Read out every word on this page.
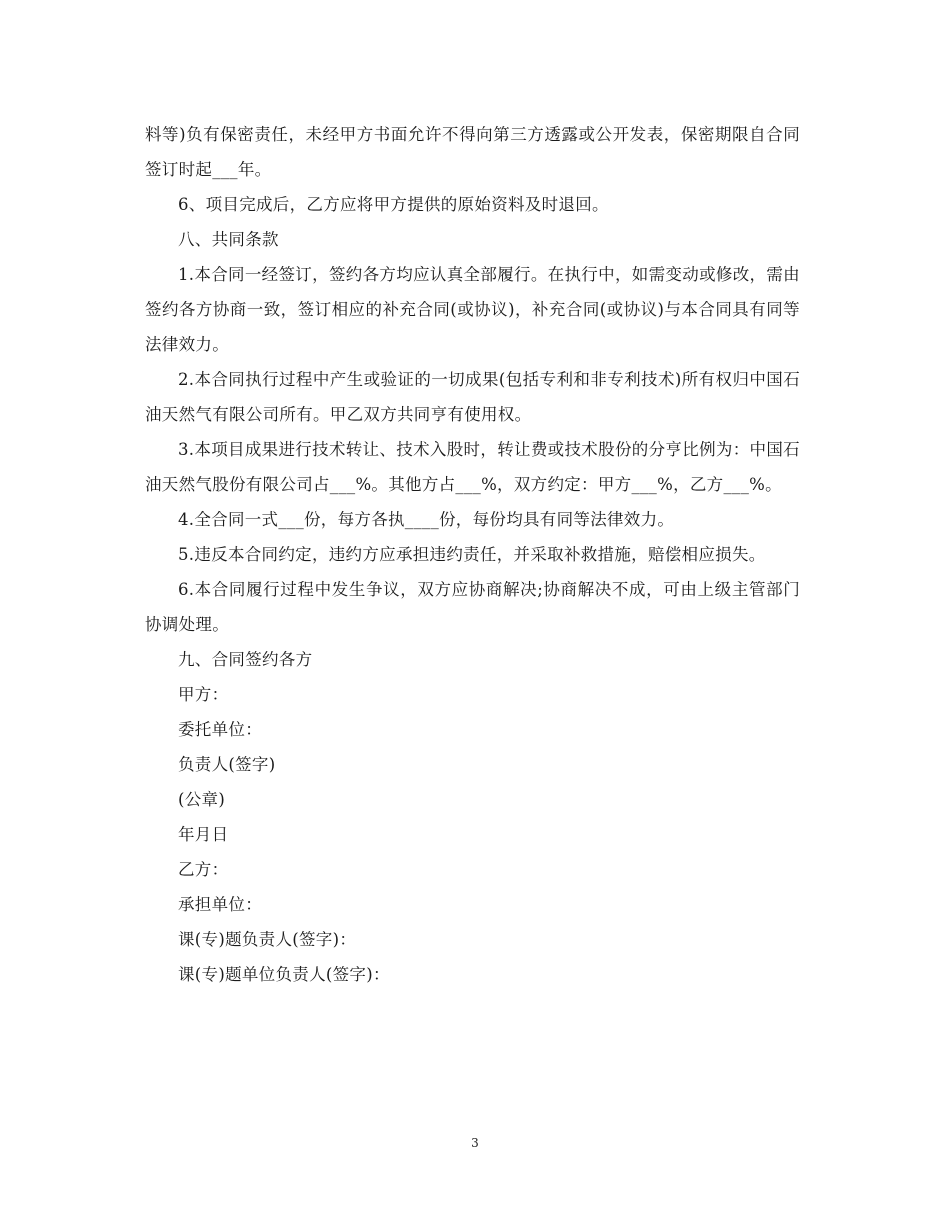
料等)负有保密责任，未经甲方书面允许不得向第三方透露或公开发表，保密期限自合同签订时起___年。

6、项目完成后，乙方应将甲方提供的原始资料及时退回。

八、共同条款

1.本合同一经签订，签约各方均应认真全部履行。在执行中，如需变动或修改，需由签约各方协商一致，签订相应的补充合同(或协议)，补充合同(或协议)与本合同具有同等法律效力。

2.本合同执行过程中产生或验证的一切成果(包括专利和非专利技术)所有权归中国石油天然气有限公司所有。甲乙双方共同亨有使用权。

3.本项目成果进行技术转让、技术入股时，转让费或技术股份的分亨比例为：中国石油天然气股份有限公司占___%。其他方占___%，双方约定：甲方___%，乙方___%。

4.全合同一式___份，每方各执____份，每份均具有同等法律效力。

5.违反本合同约定，违约方应承担违约责任，并采取补救措施，赔偿相应损失。

6.本合同履行过程中发生争议，双方应协商解决;协商解决不成，可由上级主管部门协调处理。

九、合同签约各方

甲方：

委托单位：

负责人(签字)

(公章)

年月日

乙方：

承担单位：

课(专)题负责人(签字)：

课(专)题单位负责人(签字)：

3
